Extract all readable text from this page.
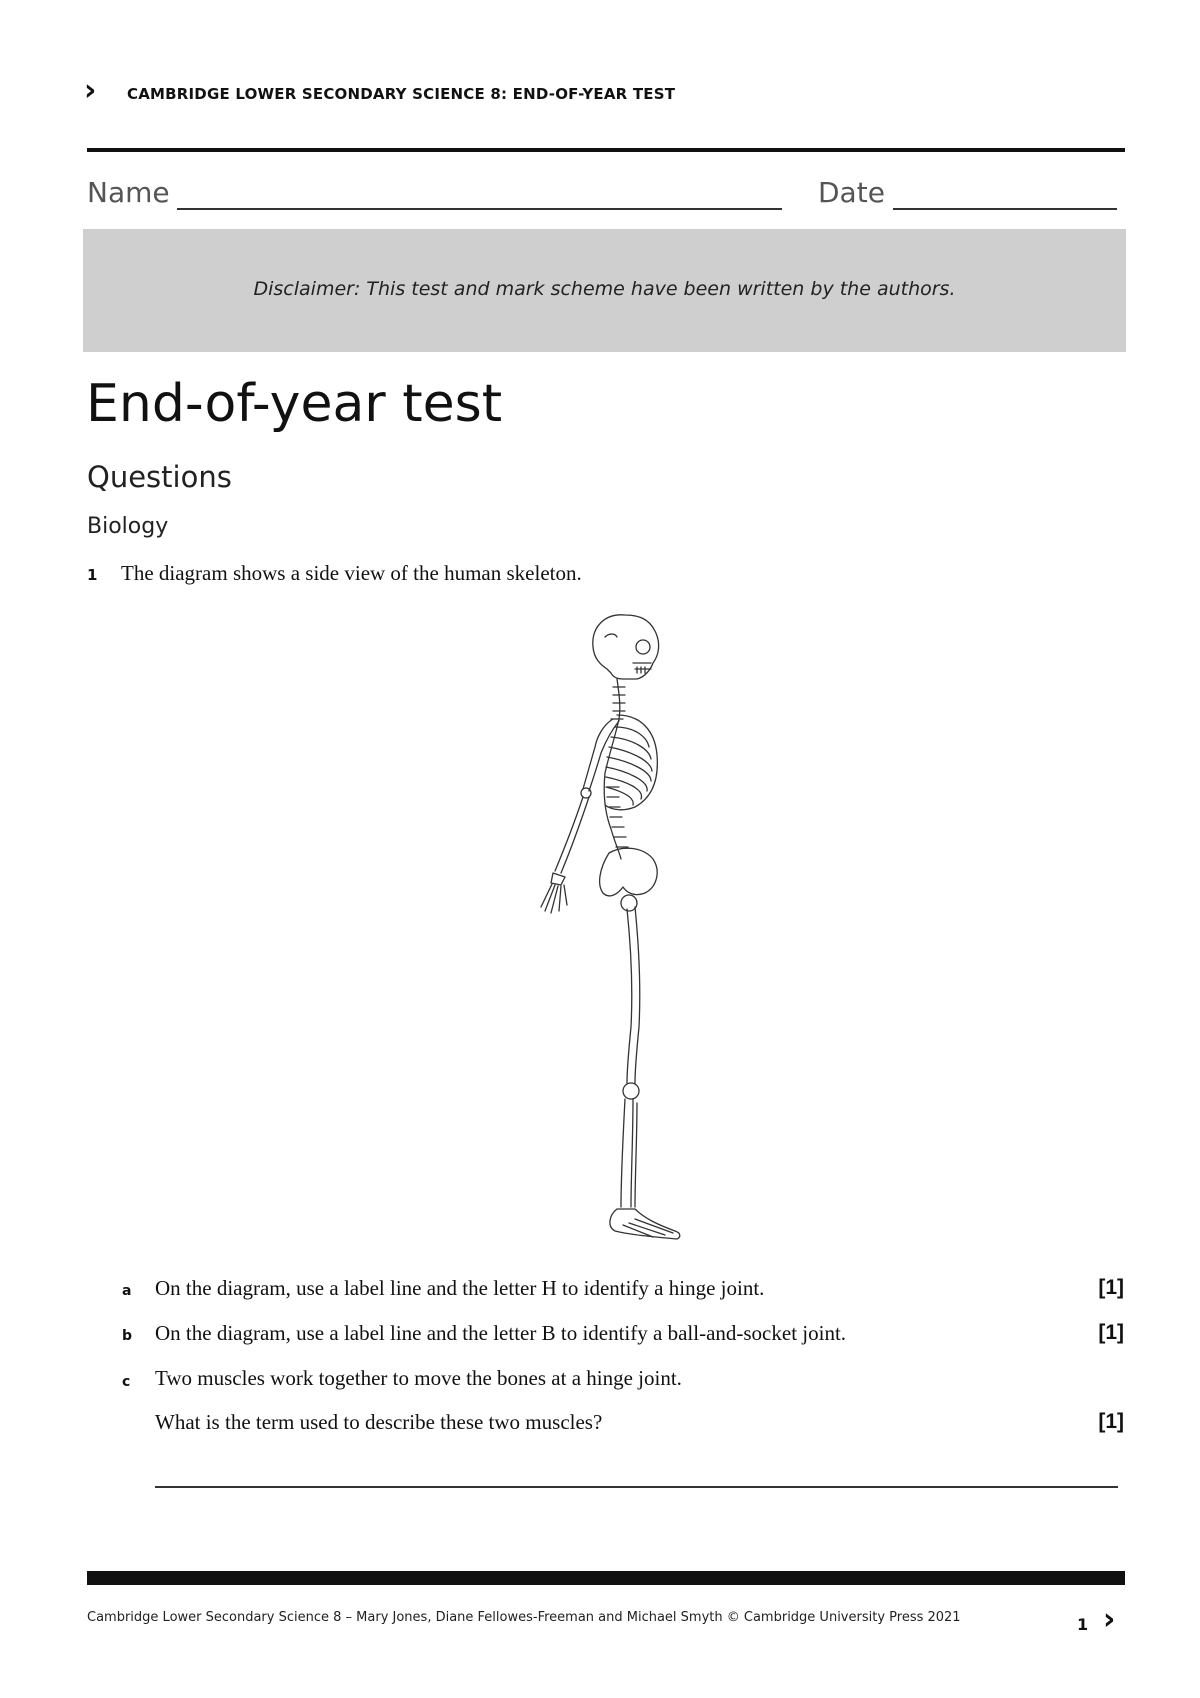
› CAMBRIDGE LOWER SECONDARY SCIENCE 8: END-OF-YEAR TEST
Name	Date
Disclaimer: This test and mark scheme have been written by the authors.
End-of-year test
Questions
Biology
1 The diagram shows a side view of the human skeleton.
a On the diagram, use a label line and the letter H to identify a hinge joint.	[1]
b On the diagram, use a label line and the letter B to identify a ball-and-socket joint.	[1]
c Two muscles work together to move the bones at a hinge joint.
What is the term used to describe these two muscles?	[1]
Cambridge Lower Secondary Science 8 – Mary Jones, Diane Fellowes-Freeman and Michael Smyth © Cambridge University Press 2021	1 ›
